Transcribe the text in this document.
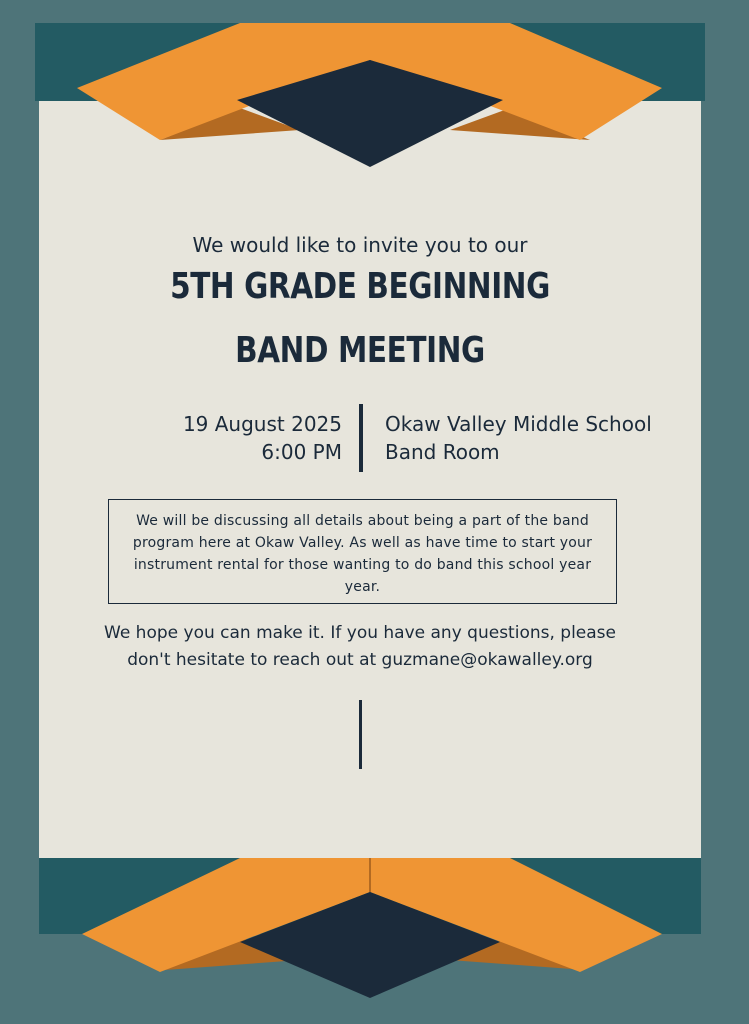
We would like to invite you to our
5TH GRADE BEGINNING
BAND MEETING
19 August 2025
6:00 PM
Okaw Valley Middle School
Band Room
We will be discussing all details about being a part of the band program here at Okaw Valley. As well as have time to start your instrument rental for those wanting to do band this school year year.
We hope you can make it. If you have any questions, please don't hesitate to reach out at guzmane@okawalley.org
